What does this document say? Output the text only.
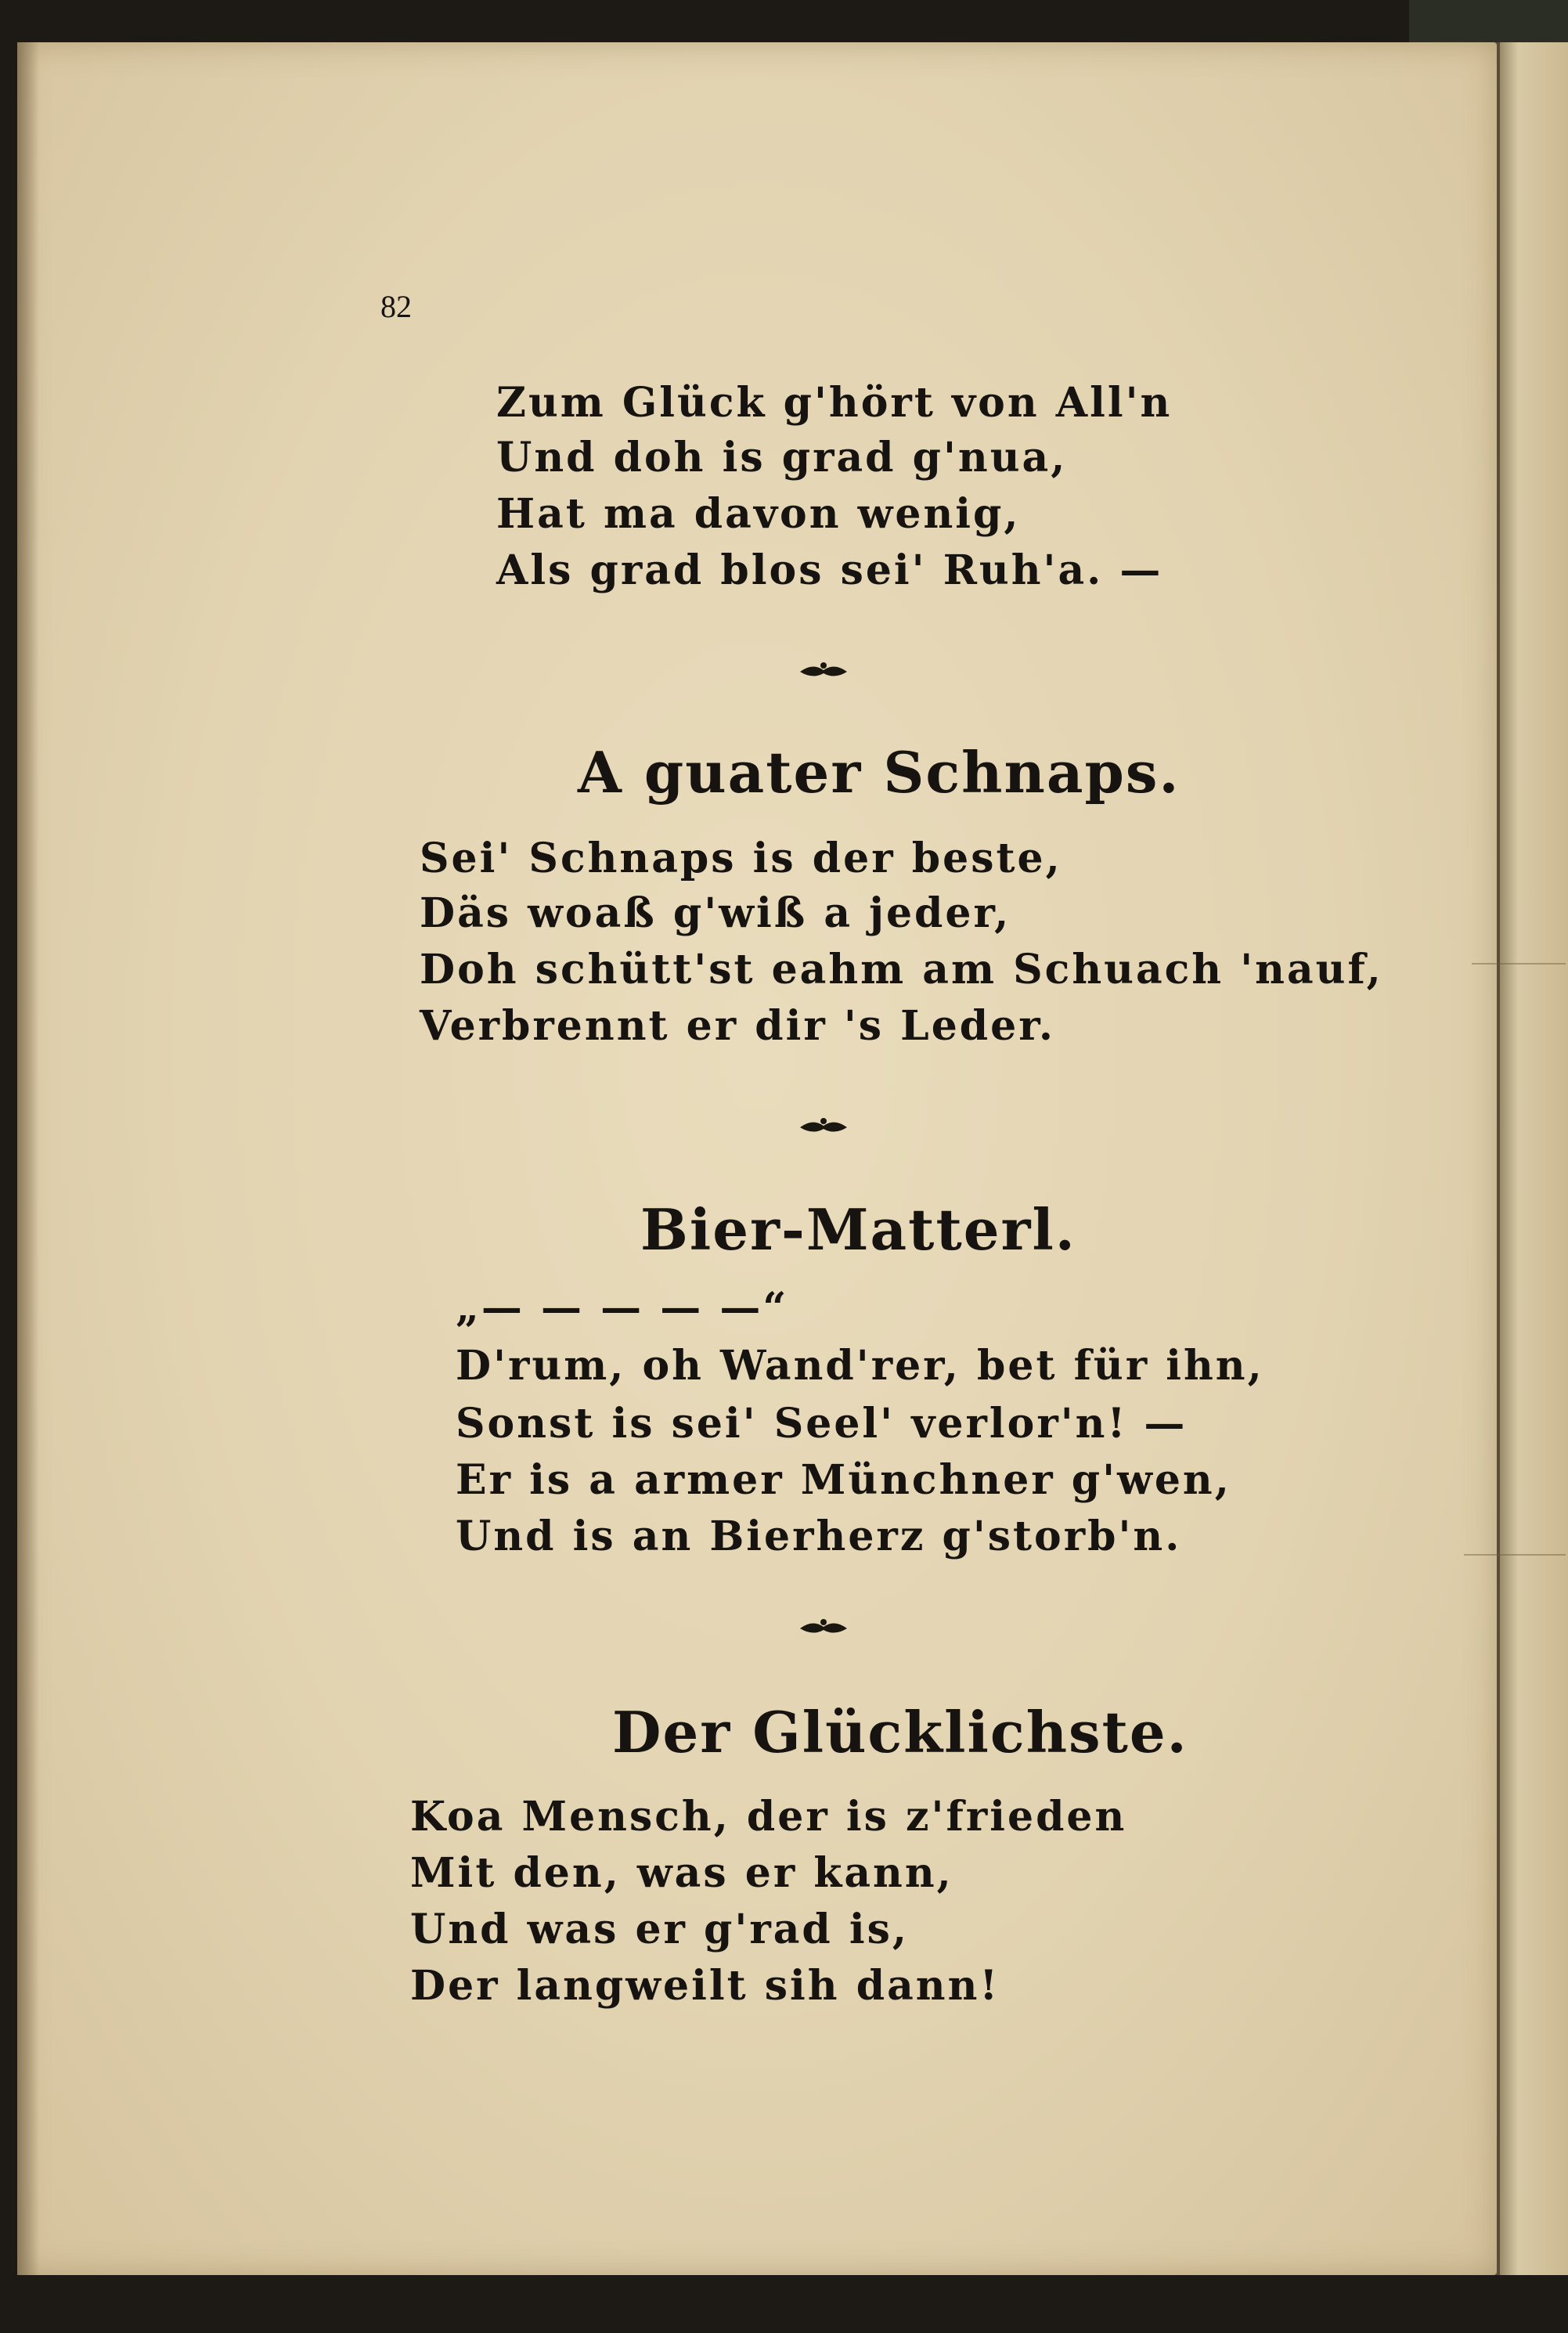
82
Zum Glück g'hört von All'n
Und doh is grad g'nua,
Hat ma davon wenig,
Als grad blos sei' Ruh'a. —
A guater Schnaps.
Sei' Schnaps is der beste,
Däs woaß g'wiß a jeder,
Doh schütt'st eahm am Schuach 'nauf,
Verbrennt er dir 's Leder.
Bier-Matterl.
„— — — — —“
D'rum, oh Wand'rer, bet für ihn,
Sonst is sei' Seel' verlor'n! —
Er is a armer Münchner g'wen,
Und is an Bierherz g'storb'n.
Der Glücklichste.
Koa Mensch, der is z'frieden
Mit den, was er kann,
Und was er g'rad is,
Der langweilt sih dann!
